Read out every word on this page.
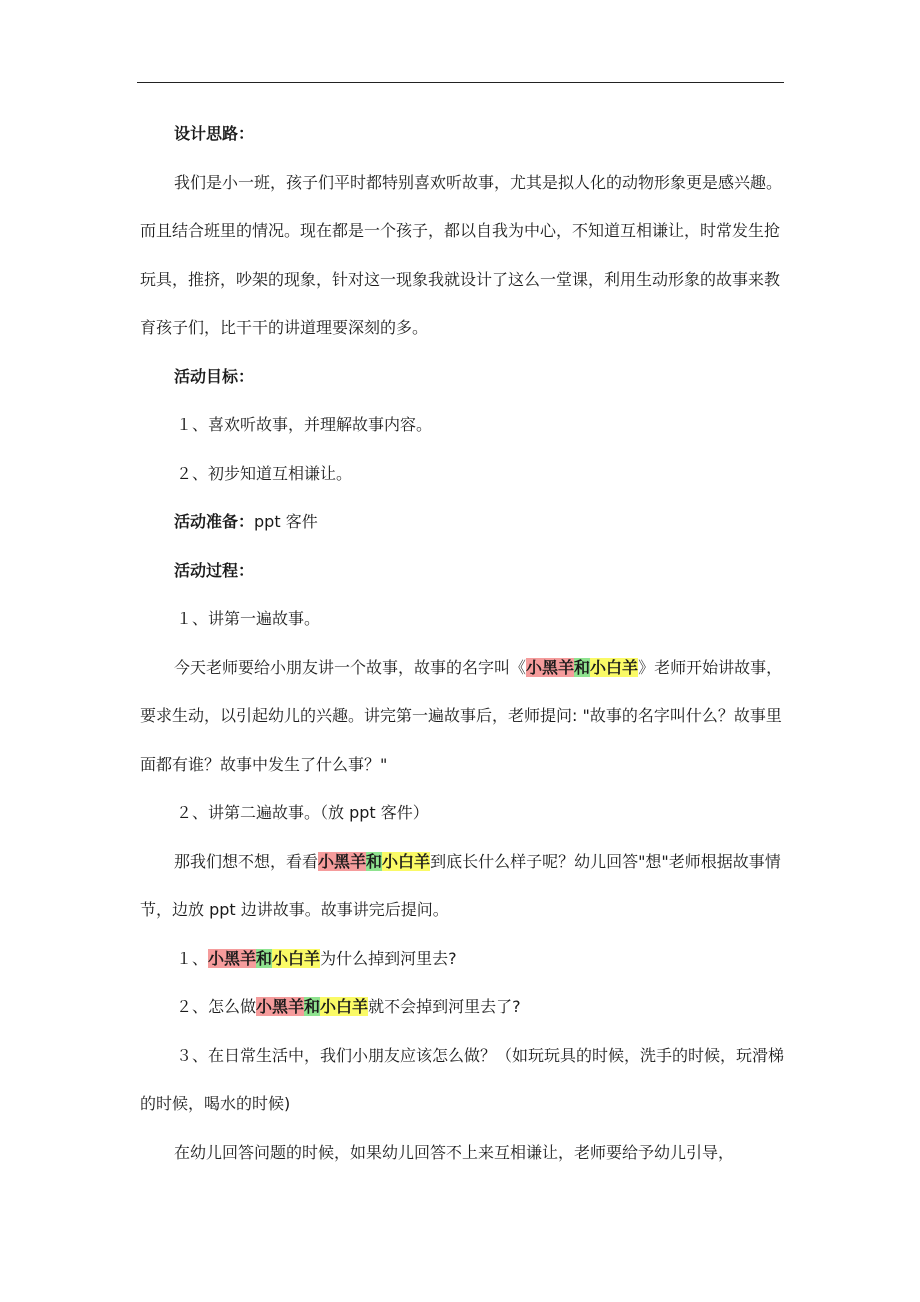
设计思路：

我们是小一班，孩子们平时都特别喜欢听故事，尤其是拟人化的动物形象更是感兴趣。而且结合班里的情况。现在都是一个孩子，都以自我为中心，不知道互相谦让，时常发生抢玩具，推挤，吵架的现象，针对这一现象我就设计了这么一堂课，利用生动形象的故事来教育孩子们，比干干的讲道理要深刻的多。

活动目标：

１、喜欢听故事，并理解故事内容。

２、初步知道互相谦让。

活动准备：ppt 客件

活动过程：

１、讲第一遍故事。

今天老师要给小朋友讲一个故事，故事的名字叫《小黑羊和小白羊》老师开始讲故事，要求生动，以引起幼儿的兴趣。讲完第一遍故事后，老师提问: "故事的名字叫什么？故事里面都有谁？故事中发生了什么事？"

２、讲第二遍故事。（放 ppt 客件）

那我们想不想，看看小黑羊和小白羊到底长什么样子呢？幼儿回答"想"老师根据故事情节，边放 ppt 边讲故事。故事讲完后提问。

１、小黑羊和小白羊为什么掉到河里去?

２、怎么做小黑羊和小白羊就不会掉到河里去了?

３、在日常生活中，我们小朋友应该怎么做？（如玩玩具的时候，洗手的时候，玩滑梯的时候，喝水的时候)

在幼儿回答问题的时候，如果幼儿回答不上来互相谦让，老师要给予幼儿引导，
